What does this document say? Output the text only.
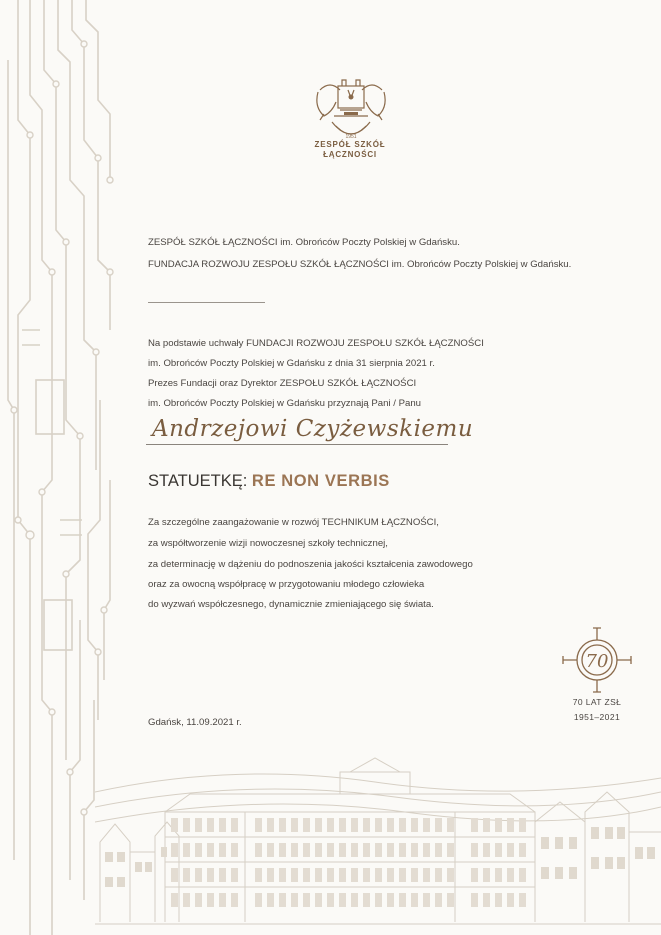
1951
ZESPÓŁ SZKÓŁ
ŁĄCZNOŚCI
ZESPÓŁ SZKÓŁ ŁĄCZNOŚCI im. Obrońców Poczty Polskiej w Gdańsku.
FUNDACJA ROZWOJU ZESPOŁU SZKÓŁ ŁĄCZNOŚCI im. Obrońców Poczty Polskiej w Gdańsku.
Na podstawie uchwały FUNDACJI ROZWOJU ZESPOŁU SZKÓŁ ŁĄCZNOŚCI
im. Obrońców Poczty Polskiej w Gdańsku z dnia 31 sierpnia 2021 r.
Prezes Fundacji oraz Dyrektor ZESPOŁU SZKÓŁ ŁĄCZNOŚCI
im. Obrońców Poczty Polskiej w Gdańsku przyznają Pani / Panu
Andrzejowi Czyżewskiemu
STATUETKĘ: RE NON VERBIS
Za szczególne zaangażowanie w rozwój TECHNIKUM ŁĄCZNOŚCI,
za współtworzenie wizji nowoczesnej szkoły technicznej,
za determinację w dążeniu do podnoszenia jakości kształcenia zawodowego
oraz za owocną współpracę w przygotowaniu młodego człowieka
do wyzwań współczesnego, dynamicznie zmieniającego się świata.
Gdańsk, 11.09.2021 r.
70
70 LAT ZSŁ
1951–2021
